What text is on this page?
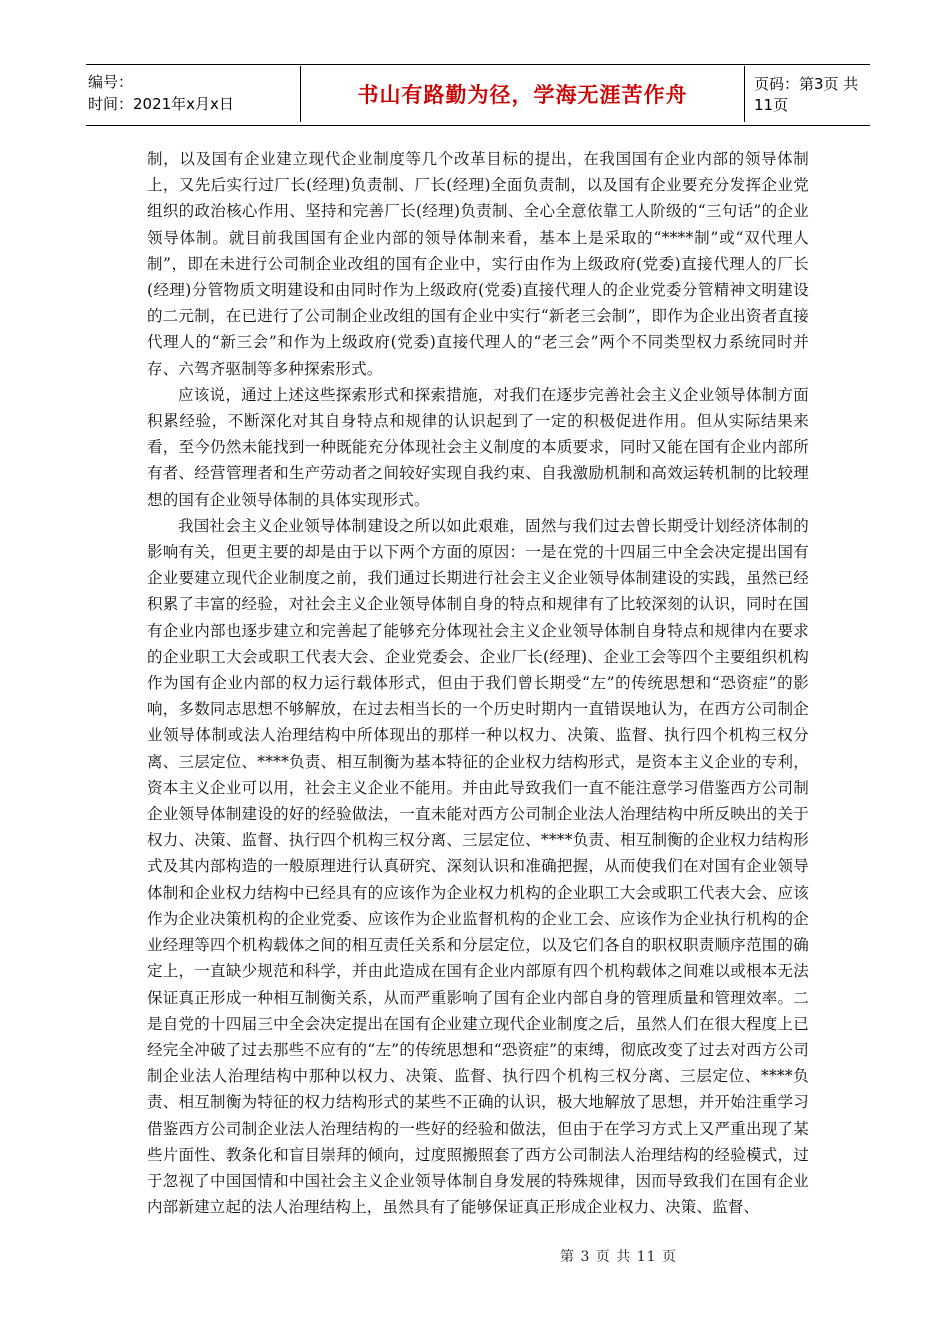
编号：
时间：2021年x月x日	书山有路勤为径，学海无涯苦作舟	页码：第3页 共11页

制，以及国有企业建立现代企业制度等几个改革目标的提出，在我国国有企业内部的领导体制上，又先后实行过厂长(经理)负责制、厂长(经理)全面负责制，以及国有企业要充分发挥企业党组织的政治核心作用、坚持和完善厂长(经理)负责制、全心全意依靠工人阶级的“三句话”的企业领导体制。就目前我国国有企业内部的领导体制来看，基本上是采取的“****制”或“双代理人制”，即在未进行公司制企业改组的国有企业中，实行由作为上级政府(党委)直接代理人的厂长(经理)分管物质文明建设和由同时作为上级政府(党委)直接代理人的企业党委分管精神文明建设的二元制，在已进行了公司制企业改组的国有企业中实行“新老三会制”，即作为企业出资者直接代理人的“新三会”和作为上级政府(党委)直接代理人的“老三会”两个不同类型权力系统同时并存、六驾齐驱制等多种探索形式。

应该说，通过上述这些探索形式和探索措施，对我们在逐步完善社会主义企业领导体制方面积累经验，不断深化对其自身特点和规律的认识起到了一定的积极促进作用。但从实际结果来看，至今仍然未能找到一种既能充分体现社会主义制度的本质要求，同时又能在国有企业内部所有者、经营管理者和生产劳动者之间较好实现自我约束、自我激励机制和高效运转机制的比较理想的国有企业领导体制的具体实现形式。

我国社会主义企业领导体制建设之所以如此艰难，固然与我们过去曾长期受计划经济体制的影响有关，但更主要的却是由于以下两个方面的原因：一是在党的十四届三中全会决定提出国有企业要建立现代企业制度之前，我们通过长期进行社会主义企业领导体制建设的实践，虽然已经积累了丰富的经验，对社会主义企业领导体制自身的特点和规律有了比较深刻的认识，同时在国有企业内部也逐步建立和完善起了能够充分体现社会主义企业领导体制自身特点和规律内在要求的企业职工大会或职工代表大会、企业党委会、企业厂长(经理)、企业工会等四个主要组织机构作为国有企业内部的权力运行载体形式，但由于我们曾长期受“左”的传统思想和“恐资症”的影响，多数同志思想不够解放，在过去相当长的一个历史时期内一直错误地认为，在西方公司制企业领导体制或法人治理结构中所体现出的那样一种以权力、决策、监督、执行四个机构三权分离、三层定位、****负责、相互制衡为基本特征的企业权力结构形式，是资本主义企业的专利，资本主义企业可以用，社会主义企业不能用。并由此导致我们一直不能注意学习借鉴西方公司制企业领导体制建设的好的经验做法，一直未能对西方公司制企业法人治理结构中所反映出的关于权力、决策、监督、执行四个机构三权分离、三层定位、****负责、相互制衡的企业权力结构形式及其内部构造的一般原理进行认真研究、深刻认识和准确把握，从而使我们在对国有企业领导体制和企业权力结构中已经具有的应该作为企业权力机构的企业职工大会或职工代表大会、应该作为企业决策机构的企业党委、应该作为企业监督机构的企业工会、应该作为企业执行机构的企业经理等四个机构载体之间的相互责任关系和分层定位，以及它们各自的职权职责顺序范围的确定上，一直缺少规范和科学，并由此造成在国有企业内部原有四个机构载体之间难以或根本无法保证真正形成一种相互制衡关系，从而严重影响了国有企业内部自身的管理质量和管理效率。二是自党的十四届三中全会决定提出在国有企业建立现代企业制度之后，虽然人们在很大程度上已经完全冲破了过去那些不应有的“左”的传统思想和“恐资症”的束缚，彻底改变了过去对西方公司制企业法人治理结构中那种以权力、决策、监督、执行四个机构三权分离、三层定位、****负责、相互制衡为特征的权力结构形式的某些不正确的认识，极大地解放了思想，并开始注重学习借鉴西方公司制企业法人治理结构的一些好的经验和做法，但由于在学习方式上又严重出现了某些片面性、教条化和盲目崇拜的倾向，过度照搬照套了西方公司制法人治理结构的经验模式，过于忽视了中国国情和中国社会主义企业领导体制自身发展的特殊规律，因而导致我们在国有企业内部新建立起的法人治理结构上，虽然具有了能够保证真正形成企业权力、决策、监督、

第 3 页 共 11 页
